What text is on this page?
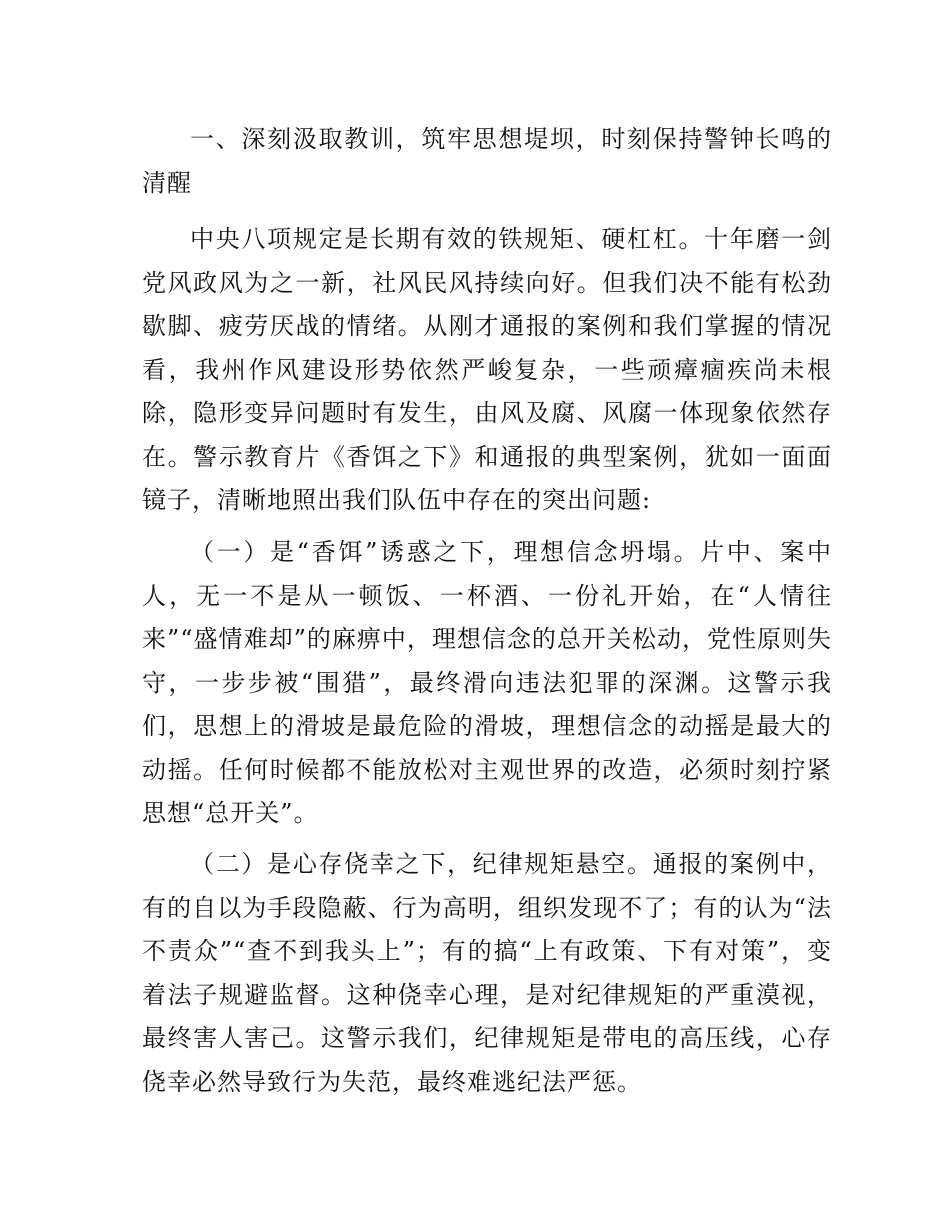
一、深刻汲取教训，筑牢思想堤坝，时刻保持警钟长鸣的清醒

中央八项规定是长期有效的铁规矩、硬杠杠。十年磨一剑党风政风为之一新，社风民风持续向好。但我们决不能有松劲歇脚、疲劳厌战的情绪。从刚才通报的案例和我们掌握的情况看，我州作风建设形势依然严峻复杂，一些顽瘴痼疾尚未根除，隐形变异问题时有发生，由风及腐、风腐一体现象依然存在。警示教育片《香饵之下》和通报的典型案例，犹如一面面镜子，清晰地照出我们队伍中存在的突出问题:

（一）是“香饵”诱惑之下，理想信念坍塌。片中、案中人，无一不是从一顿饭、一杯酒、一份礼开始，在“人情往来”“盛情难却”的麻痹中，理想信念的总开关松动，党性原则失守，一步步被“围猎”，最终滑向违法犯罪的深渊。这警示我们，思想上的滑坡是最危险的滑坡，理想信念的动摇是最大的动摇。任何时候都不能放松对主观世界的改造，必须时刻拧紧思想“总开关”。

（二）是心存侥幸之下，纪律规矩悬空。通报的案例中，有的自以为手段隐蔽、行为高明，组织发现不了；有的认为“法不责众”“查不到我头上”；有的搞“上有政策、下有对策”，变着法子规避监督。这种侥幸心理，是对纪律规矩的严重漠视，最终害人害己。这警示我们，纪律规矩是带电的高压线，心存侥幸必然导致行为失范，最终难逃纪法严惩。
